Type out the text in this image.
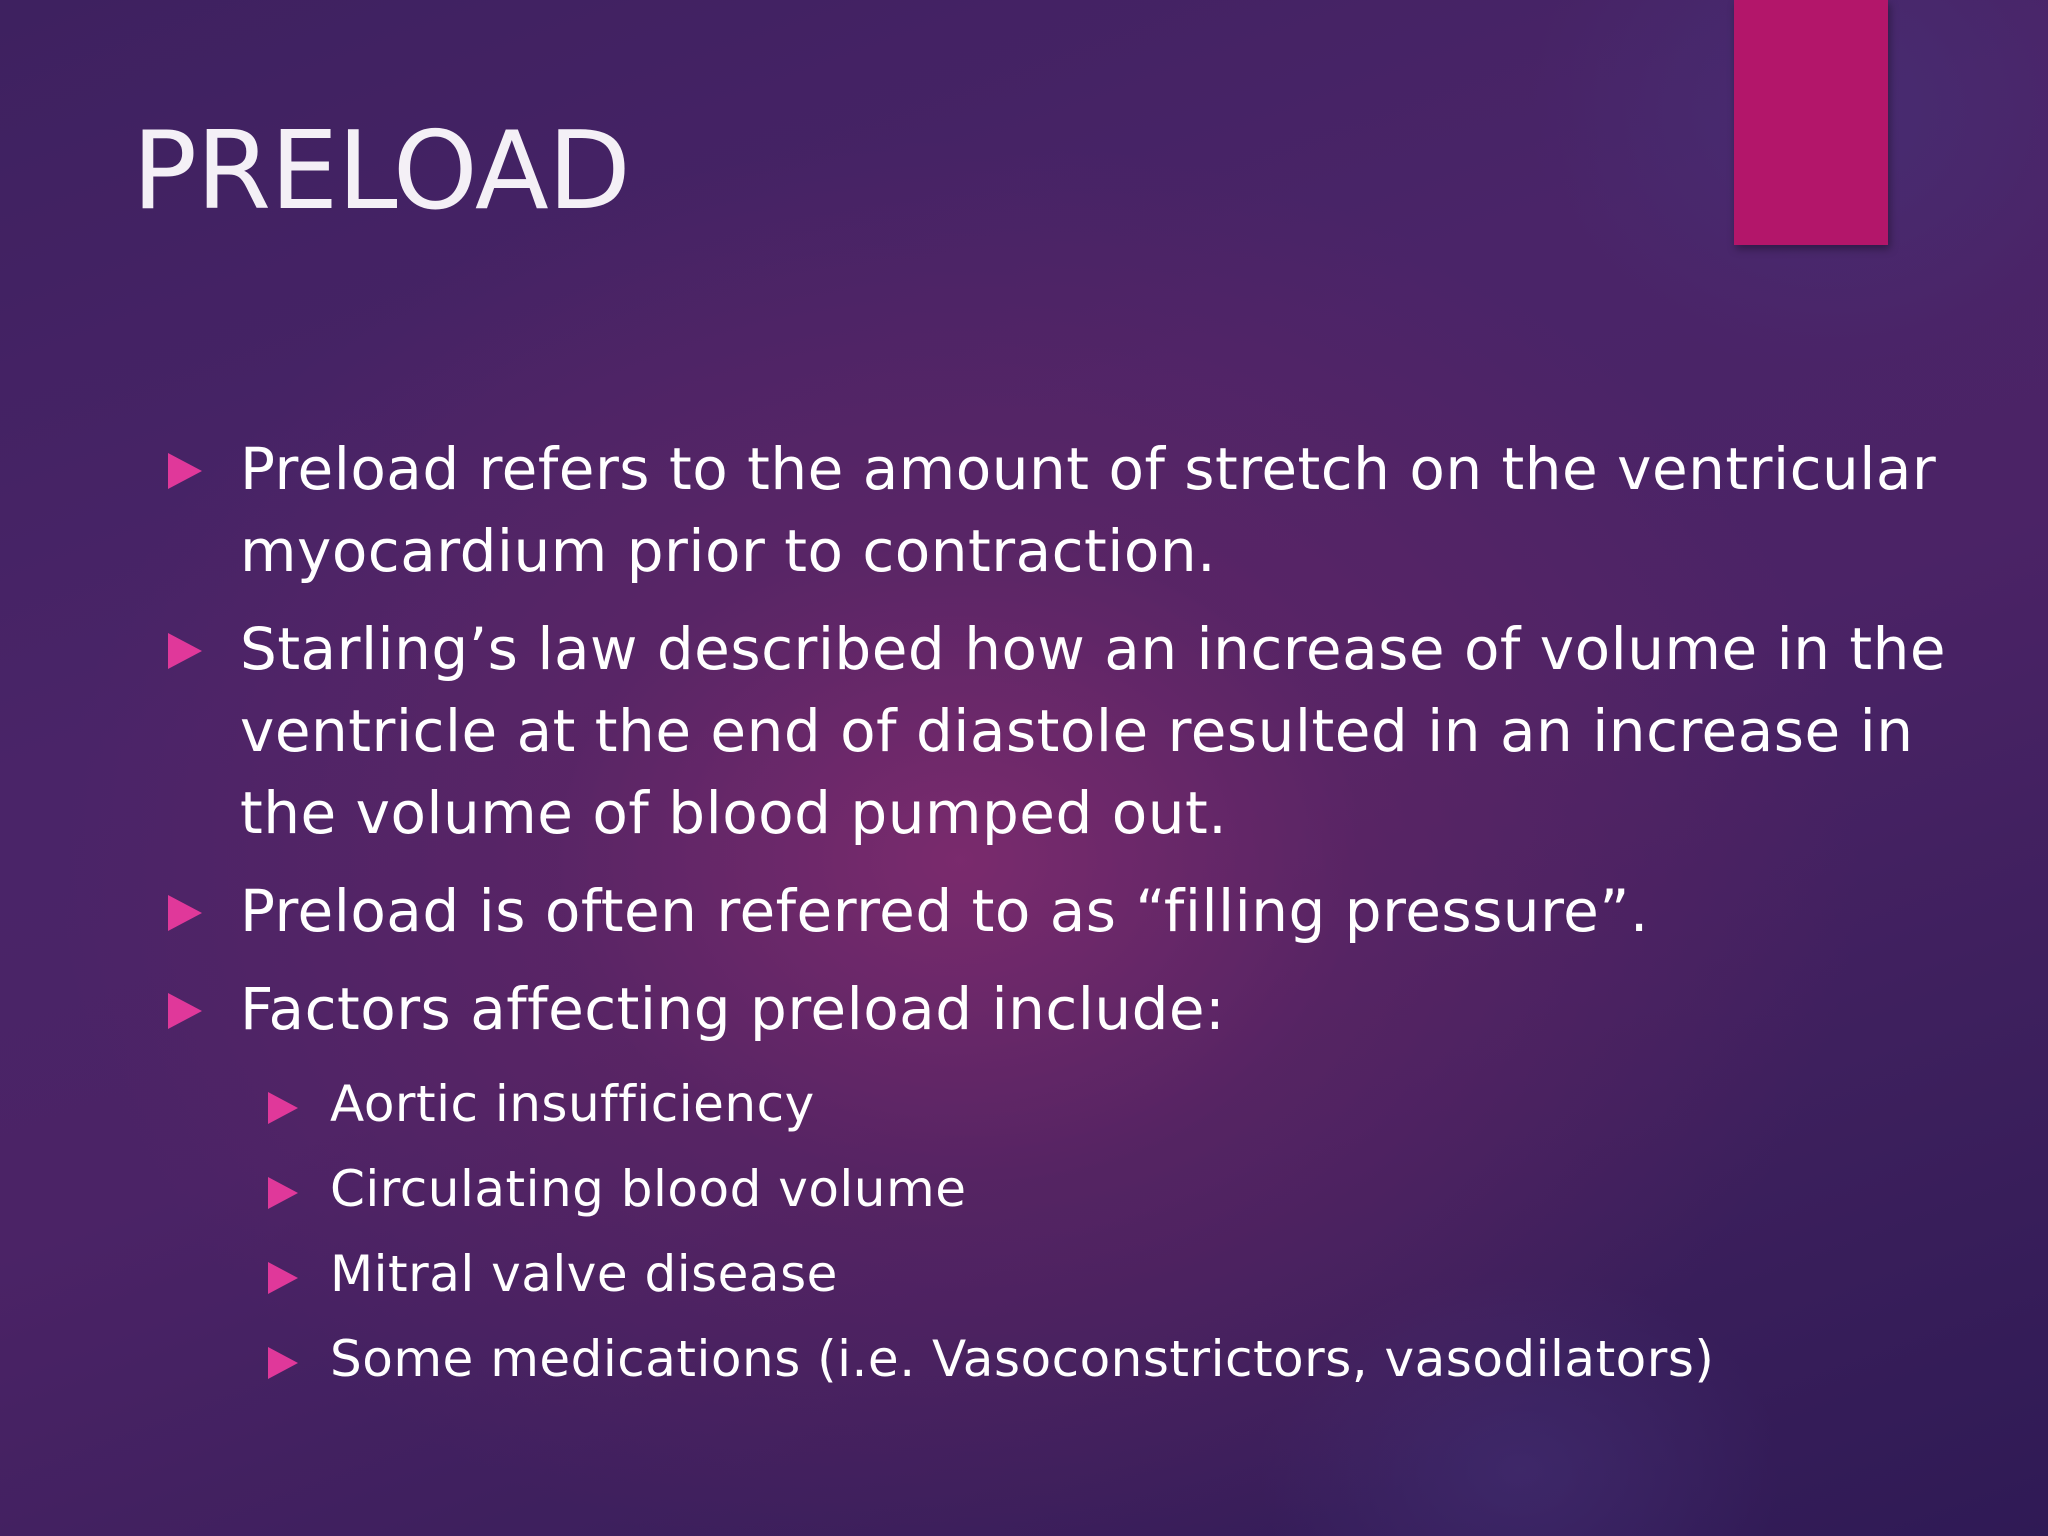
PRELOAD
Preload refers to the amount of stretch on the ventricular myocardium prior to contraction.
Starling’s law described how an increase of volume in the ventricle at the end of diastole resulted in an increase in the volume of blood pumped out.
Preload is often referred to as “filling pressure”.
Factors affecting preload include:
Aortic insufficiency
Circulating blood volume
Mitral valve disease
Some medications (i.e. Vasoconstrictors, vasodilators)
